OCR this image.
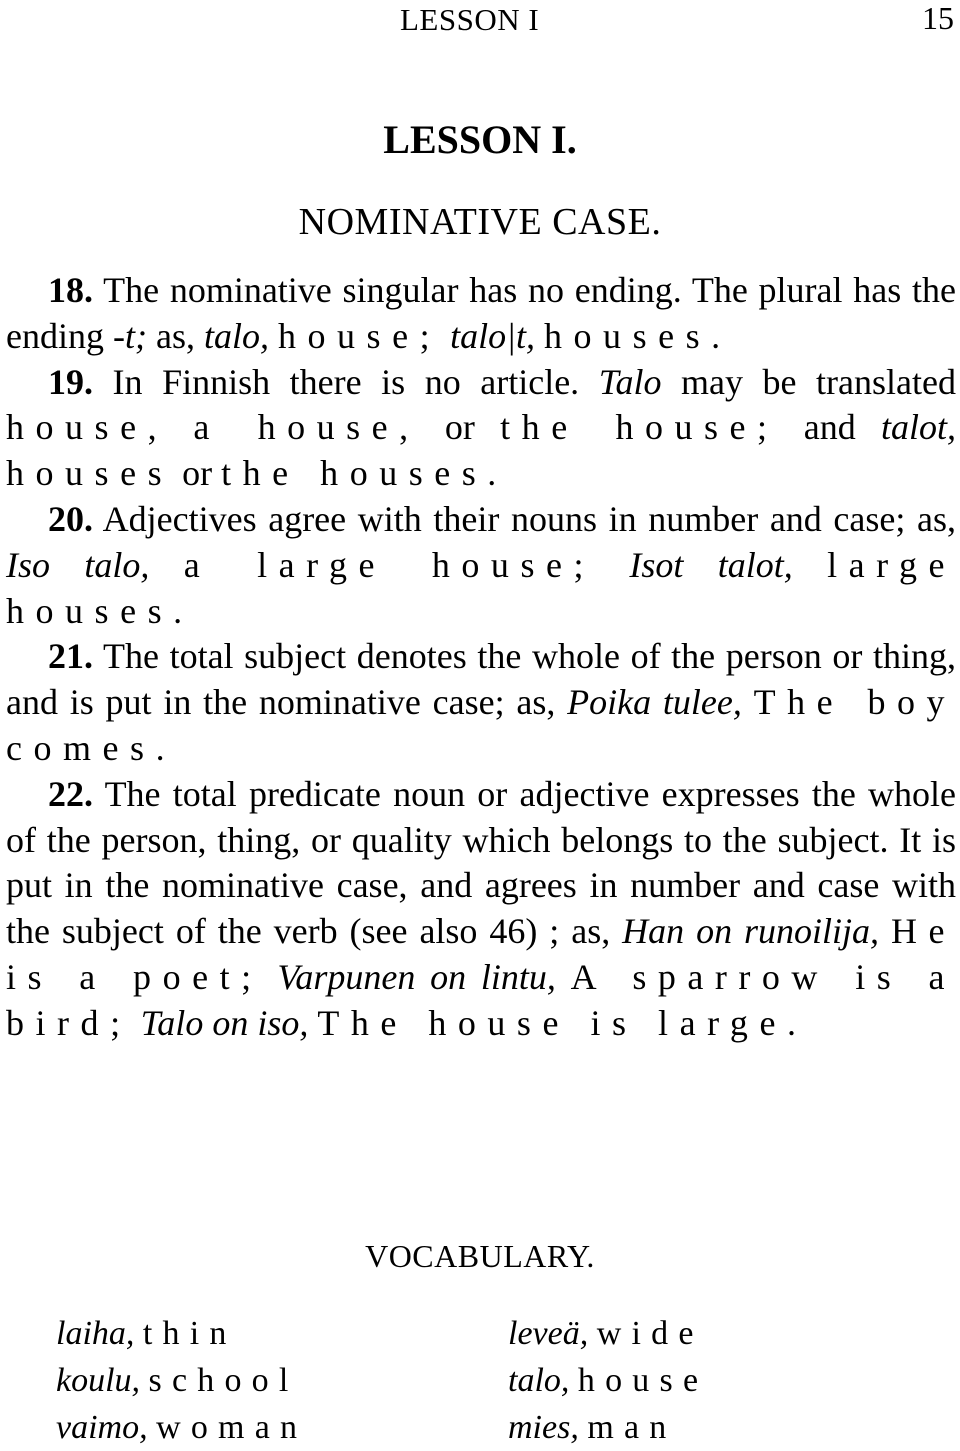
LESSON I	15
LESSON I.
NOMINATIVE CASE.

18. The nominative singular has no ending. The plural has the ending -t; as, talo, house; talo|t, houses.

19. In Finnish there is no article. Talo may be translated house, a house, or the house; and talot, houses or the houses.

20. Adjectives agree with their nouns in number and case; as, Iso talo, a large house; Isot talot, large houses.

21. The total subject denotes the whole of the person or thing, and is put in the nominative case; as, Poika tulee, The boy comes.

22. The total predicate noun or adjective expresses the whole of the person, thing, or quality which belongs to the subject. It is put in the nominative case, and agrees in number and case with the subject of the verb (see also 46) ; as, Han on runoilija, He is a poet; Varpunen on lintu, A sparrow is a bird; Talo on iso, The house is large.

VOCABULARY.
laiha, thin
koulu, school
vaimo, woman
leveä, wide
talo, house
mies, man
